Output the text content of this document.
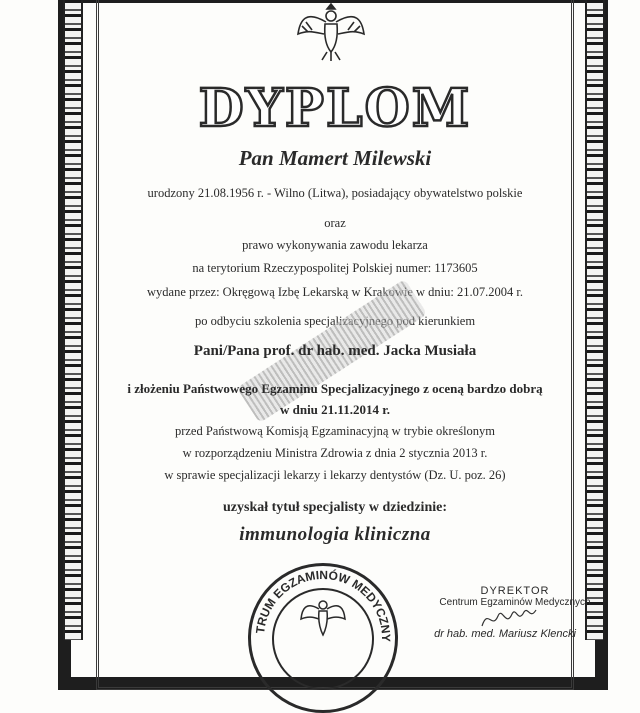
DYPLOM
Pan Mamert Milewski
urodzony 21.08.1956 r. - Wilno (Litwa), posiadający obywatelstwo polskie
oraz
prawo wykonywania zawodu lekarza
na terytorium Rzeczypospolitej Polskiej numer: 1173605
wydane przez: Okręgową Izbę Lekarską w Krakowie w dniu: 21.07.2004 r.
po odbyciu szkolenia specjalizacyjnego pod kierunkiem
Pani/Pana prof. dr hab. med. Jacka Musiała
i złożeniu Państwowego Egzaminu Specjalizacyjnego z oceną bardzo dobrą
w dniu 21.11.2014 r.
przed Państwową Komisją Egzaminacyjną w trybie określonym
w rozporządzeniu Ministra Zdrowia z dnia 2 stycznia 2013 r.
w sprawie specjalizacji lekarzy i lekarzy dentystów (Dz. U. poz. 26)
uzyskał tytuł specjalisty w dziedzinie:
immunologia kliniczna
CENTRUM EGZAMINÓW MEDYCZNYCH
DYREKTOR
Centrum Egzaminów Medycznych
dr hab. med. Mariusz Klencki
